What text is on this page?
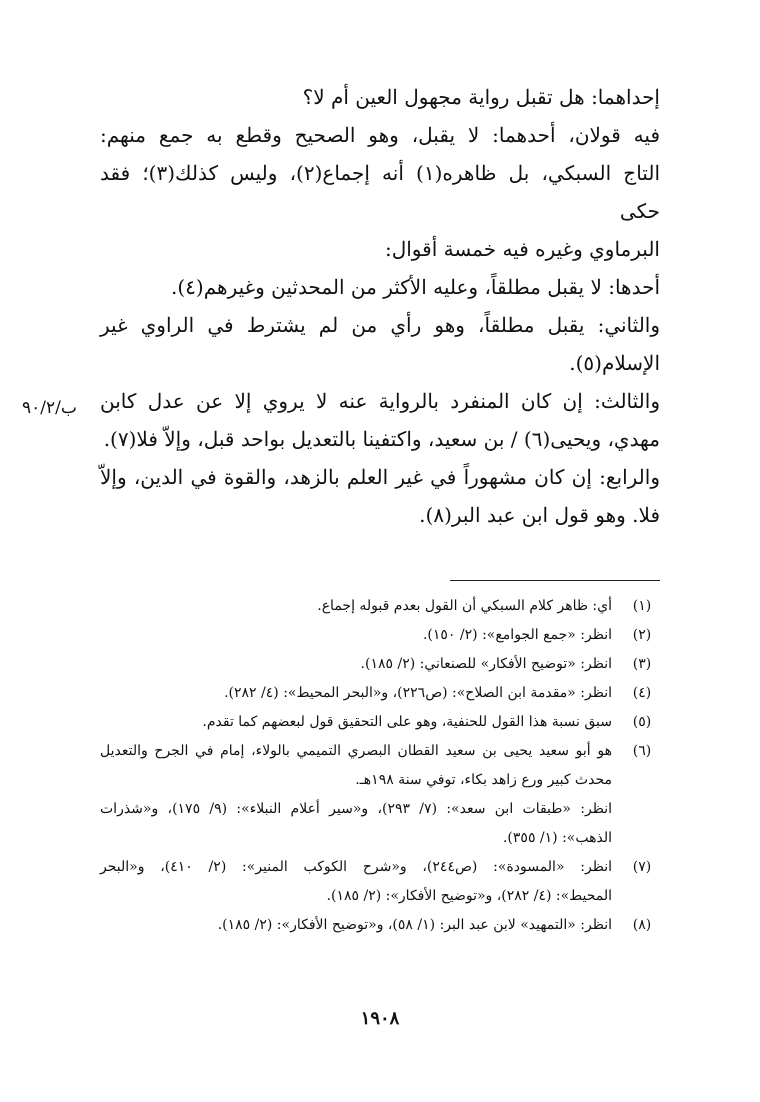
إحداهما: هل تقبل رواية مجهول العين أم لا؟
فيه قولان، أحدهما: لا يقبل، وهو الصحيح وقطع به جمع منهم:
التاج السبكي، بل ظاهره(١) أنه إجماع(٢)، وليس كذلك(٣)؛ فقد حكى
البرماوي وغيره فيه خمسة أقوال:
أحدها: لا يقبل مطلقاً، وعليه الأكثر من المحدثين وغيرهم(٤).
والثاني: يقبل مطلقاً، وهو رأي من لم يشترط في الراوي غير
الإسلام(٥).
والثالث: إن كان المنفرد بالرواية عنه لا يروي إلا عن عدل كابن
مهدي، ويحيى(٦) / بن سعيد، واكتفينا بالتعديل بواحد قبل، وإلاّ فلا(٧).
والرابع: إن كان مشهوراً في غير العلم بالزهد، والقوة في الدين، وإلاّ
فلا. وهو قول ابن عبد البر(٨).
ب/٩٠/٢
(١)
أي: ظاهر كلام السبكي أن القول بعدم قبوله إجماع.
(٢)
انظر: «جمع الجوامع»: (٢/ ١٥٠).
(٣)
انظر: «توضيح الأفكار» للصنعاني: (٢/ ١٨٥).
(٤)
انظر: «مقدمة ابن الصلاح»: (ص٢٢٦)، و«البحر المحيط»: (٤/ ٢٨٢).
(٥)
سبق نسبة هذا القول للحنفية، وهو على التحقيق قول لبعضهم كما تقدم.
(٦)
هو أبو سعيد يحيى بن سعيد القطان البصري التميمي بالولاء، إمام في الجرح والتعديل
محدث كبير ورع زاهد بكاء، توفي سنة ١٩٨هـ.
انظر: «طبقات ابن سعد»: (٧/ ٢٩٣)، و«سير أعلام النبلاء»: (٩/ ١٧٥)، و«شذرات
الذهب»: (١/ ٣٥٥).
(٧)
انظر: «المسودة»: (ص٢٤٤)، و«شرح الكوكب المنير»: (٢/ ٤١٠)، و«البحر
المحيط»: (٤/ ٢٨٢)، و«توضيح الأفكار»: (٢/ ١٨٥).
(٨)
انظر: «التمهيد» لابن عبد البر: (١/ ٥٨)، و«توضيح الأفكار»: (٢/ ١٨٥).
١٩٠٨
